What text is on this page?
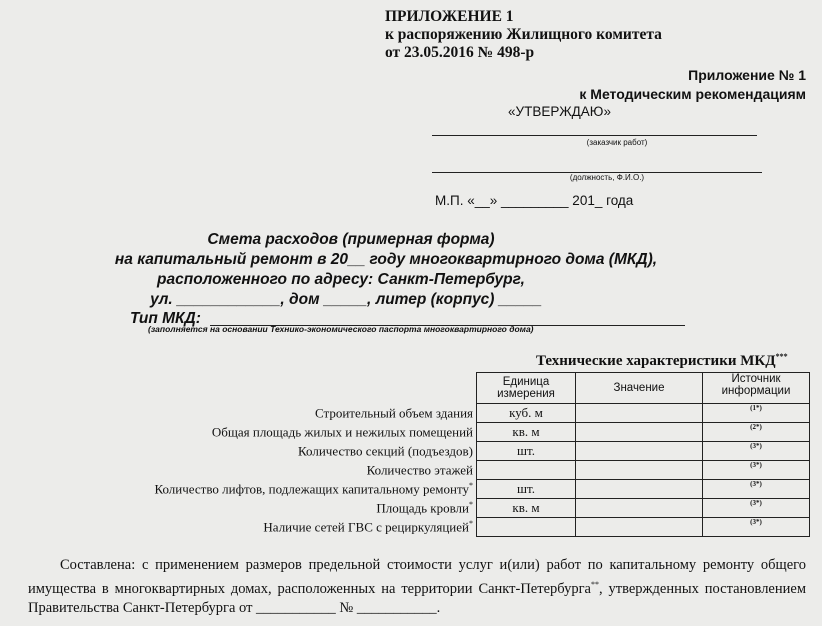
ПРИЛОЖЕНИЕ 1
к распоряжению Жилищного комитета
от 23.05.2016 № 498-р
Приложение № 1
к Методическим рекомендациям
«УТВЕРЖДАЮ»
(заказчик работ)
(должность, Ф.И.О.)
М.П. «__» _________ 201_ года
Смета расходов (примерная форма)
на капитальный ремонт в 20__ году многоквартирного дома (МКД),
расположенного по адресу: Санкт-Петербург,
ул. ____________, дом _____, литер (корпус) _____
Тип МКД:
(заполняется на основании Технико-экономического паспорта многоквартирного дома)
Технические характеристики МКД***
	Единица измерения	Значение	Источник информации
Строительный объем здания	куб. м		(1*)
Общая площадь жилых и нежилых помещений	кв. м		(2*)
Количество секций (подъездов)	шт.		(3*)
Количество этажей			(3*)
Количество лифтов, подлежащих капитальному ремонту*	шт.		(3*)
Площадь кровли*	кв. м		(3*)
Наличие сетей ГВС с рециркуляцией*			(3*)
Составлена: с применением размеров предельной стоимости услуг и(или) работ по капитальному ремонту общего имущества в многоквартирных домах, расположенных на территории Санкт-Петербурга**, утвержденных постановлением Правительства Санкт-Петербурга от ___________ № ___________.
